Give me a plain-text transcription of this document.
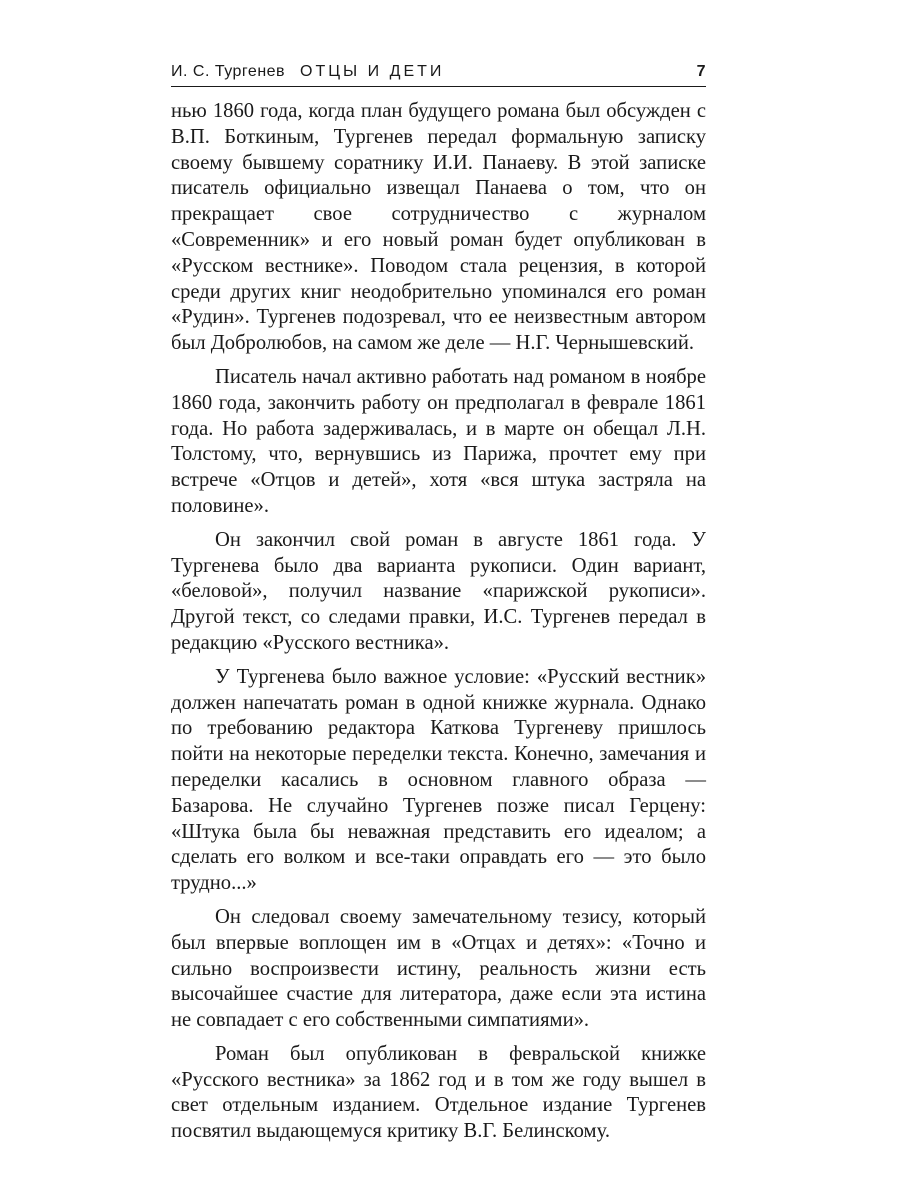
И. С. Тургенев ОТЦЫ И ДЕТИ	7

нью 1860 года, когда план будущего романа был обсужден с В.П. Боткиным, Тургенев передал формальную записку своему бывшему соратнику И.И. Панаеву. В этой записке писатель официально извещал Панаева о том, что он прекращает свое сотрудничество с журналом «Современник» и его новый роман будет опубликован в «Русском вестнике». Поводом стала рецензия, в которой среди других книг неодобрительно упоминался его роман «Рудин». Тургенев подозревал, что ее неизвестным автором был Добролюбов, на самом же деле — Н.Г. Чернышевский.

Писатель начал активно работать над романом в ноябре 1860 года, закончить работу он предполагал в феврале 1861 года. Но работа задерживалась, и в марте он обещал Л.Н. Толстому, что, вернувшись из Парижа, прочтет ему при встрече «Отцов и детей», хотя «вся штука застряла на половине».

Он закончил свой роман в августе 1861 года. У Тургенева было два варианта рукописи. Один вариант, «беловой», получил название «парижской рукописи». Другой текст, со следами правки, И.С. Тургенев передал в редакцию «Русского вестника».

У Тургенева было важное условие: «Русский вестник» должен напечатать роман в одной книжке журнала. Однако по требованию редактора Каткова Тургеневу пришлось пойти на некоторые переделки текста. Конечно, замечания и переделки касались в основном главного образа — Базарова. Не случайно Тургенев позже писал Герцену: «Штука была бы неважная представить его идеалом; а сделать его волком и все-таки оправдать его — это было трудно...»

Он следовал своему замечательному тезису, который был впервые воплощен им в «Отцах и детях»: «Точно и сильно воспроизвести истину, реальность жизни есть высочайшее счастие для литератора, даже если эта истина не совпадает с его собственными симпатиями».

Роман был опубликован в февральской книжке «Русского вестника» за 1862 год и в том же году вышел в свет отдельным изданием. Отдельное издание Тургенев посвятил выдающемуся критику В.Г. Белинскому.
